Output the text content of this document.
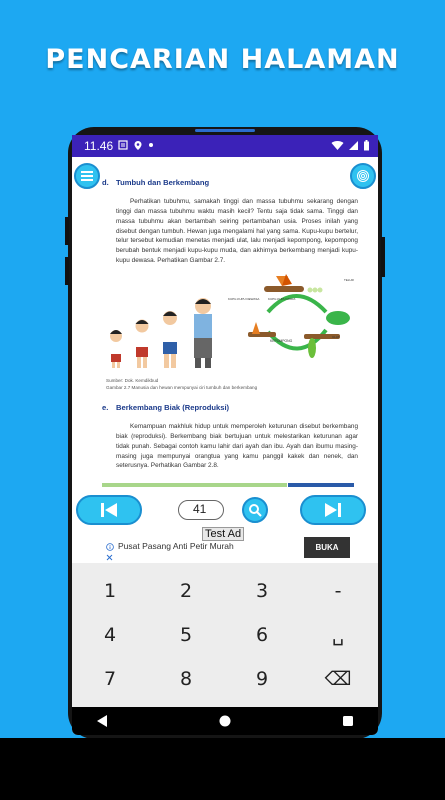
PENCARIAN HALAMAN
11.46
d. Tumbuh dan Berkembang

Perhatikan tubuhmu, samakah tinggi dan massa tubuhmu sekarang dengan tinggi dan massa tubuhmu waktu masih kecil? Tentu saja tidak sama. Tinggi dan massa tubuhmu akan bertambah seiring pertambahan usia. Proses inilah yang disebut dengan tumbuh. Hewan juga mengalami hal yang sama. Kupu-kupu bertelur, telur tersebut kemudian menetas menjadi ulat, lalu menjadi kepompong, kepompong berubah bentuk menjadi kupu-kupu muda, dan akhirnya berkembang menjadi kupu-kupu dewasa. Perhatikan Gambar 2.7.

TELUR
KUPU-KUPU DEWASA	KUPU-KUPU MUDA
KEPOMPONG
ULAT
Sumber: Dok. Kemdikbud
Gambar 2.7 Manusia dan hewan mempunyai ciri tumbuh dan berkembang
e. Berkembang Biak (Reproduksi)

Kemampuan makhluk hidup untuk memperoleh keturunan disebut berkembang biak (reproduksi). Berkembang biak bertujuan untuk melestarikan keturunan agar tidak punah. Sebagai contoh kamu lahir dari ayah dan ibu. Ayah dan ibumu masing-masing juga mempunyai orangtua yang kamu panggil kakek dan nenek, dan seterusnya. Perhatikan Gambar 2.8.

41
Pusat Pasang Anti Petir Murah	BUKA
Test Ad
1	2	3	-
4	5	6	␣
7	8	9	⌫
